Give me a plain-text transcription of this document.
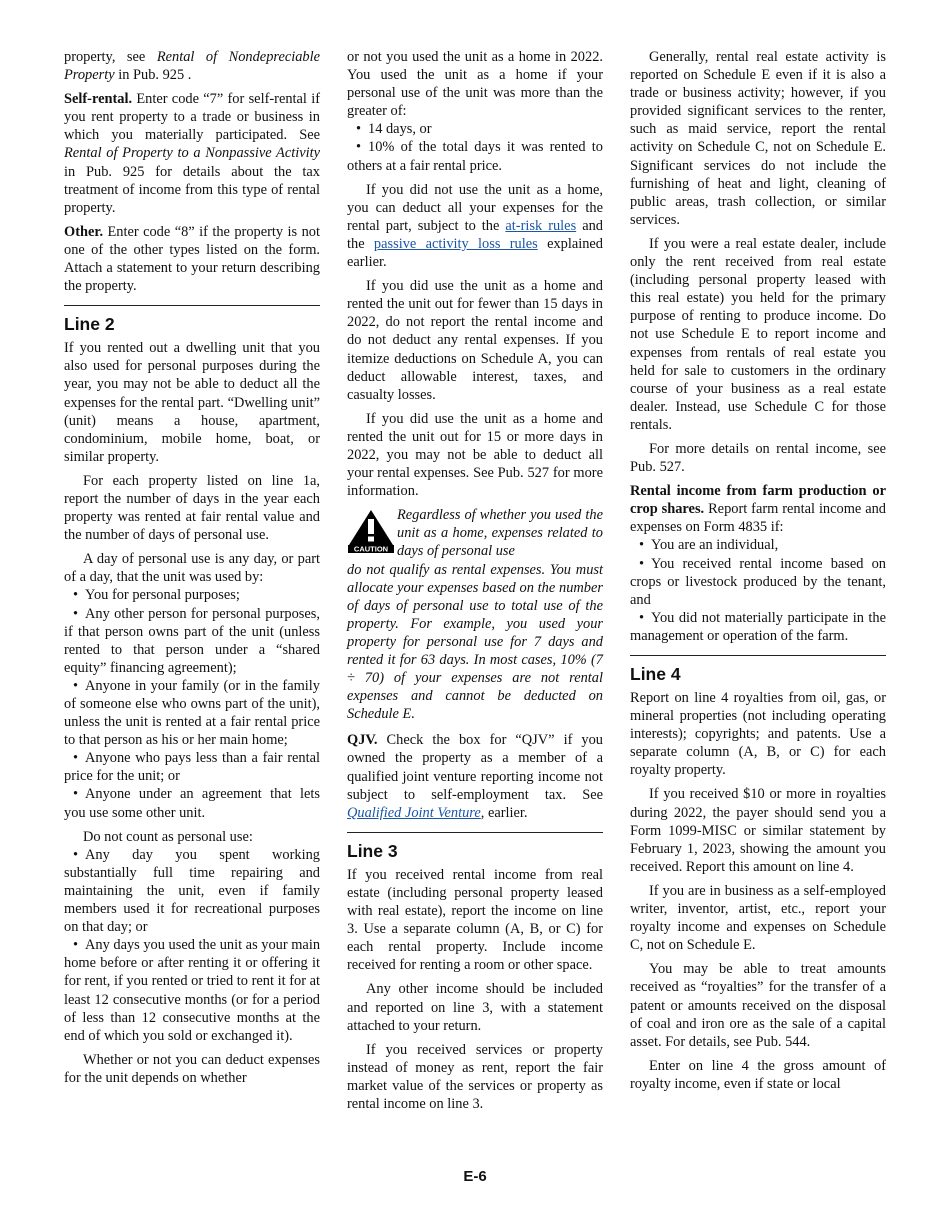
property, see Rental of Nondepreciable Property in Pub. 925 .

Self-rental. Enter code “7” for self-rental if you rent property to a trade or business in which you materially participated. See Rental of Property to a Nonpassive Activity in Pub. 925 for details about the tax treatment of income from this type of rental property.

Other. Enter code “8” if the property is not one of the other types listed on the form. Attach a statement to your return describing the property.

Line 2

If you rented out a dwelling unit that you also used for personal purposes during the year, you may not be able to deduct all the expenses for the rental part. “Dwelling unit” (unit) means a house, apartment, condominium, mobile home, boat, or similar property.

For each property listed on line 1a, report the number of days in the year each property was rented at fair rental value and the number of days of personal use.

A day of personal use is any day, or part of a day, that the unit was used by:

• You for personal purposes;
• Any other person for personal purposes, if that person owns part of the unit (unless rented to that person under a “shared equity” financing agreement);
• Anyone in your family (or in the family of someone else who owns part of the unit), unless the unit is rented at a fair rental price to that person as his or her main home;
• Anyone who pays less than a fair rental price for the unit; or
• Anyone under an agreement that lets you use some other unit.

Do not count as personal use:

• Any day you spent working substantially full time repairing and maintaining the unit, even if family members used it for recreational purposes on that day; or
• Any days you used the unit as your main home before or after renting it or offering it for rent, if you rented or tried to rent it for at least 12 consecutive months (or for a period of less than 12 consecutive months at the end of which you sold or exchanged it).

Whether or not you can deduct expenses for the unit depends on whether

or not you used the unit as a home in 2022. You used the unit as a home if your personal use of the unit was more than the greater of:

• 14 days, or
• 10% of the total days it was rented to others at a fair rental price.

If you did not use the unit as a home, you can deduct all your expenses for the rental part, subject to the at-risk rules and the passive activity loss rules explained earlier.

If you did use the unit as a home and rented the unit out for fewer than 15 days in 2022, do not report the rental income and do not deduct any rental expenses. If you itemize deductions on Schedule A, you can deduct allowable interest, taxes, and casualty losses.

If you did use the unit as a home and rented the unit out for 15 or more days in 2022, you may not be able to deduct all your rental expenses. See Pub. 527 for more information.

CAUTION
Regardless of whether you used the unit as a home, expenses related to days of personal use

do not qualify as rental expenses. You must allocate your expenses based on the number of days of personal use to total use of the property. For example, you used your property for personal use for 7 days and rented it for 63 days. In most cases, 10% (7 ÷ 70) of your expenses are not rental expenses and cannot be deducted on Schedule E.

QJV. Check the box for “QJV” if you owned the property as a member of a qualified joint venture reporting income not subject to self-employment tax. See Qualified Joint Venture, earlier.

Line 3

If you received rental income from real estate (including personal property leased with real estate), report the income on line 3. Use a separate column (A, B, or C) for each rental property. Include income received for renting a room or other space.

Any other income should be included and reported on line 3, with a statement attached to your return.

If you received services or property instead of money as rent, report the fair market value of the services or property as rental income on line 3.

Generally, rental real estate activity is reported on Schedule E even if it is also a trade or business activity; however, if you provided significant services to the renter, such as maid service, report the rental activity on Schedule C, not on Schedule E. Significant services do not include the furnishing of heat and light, cleaning of public areas, trash collection, or similar services.

If you were a real estate dealer, include only the rent received from real estate (including personal property leased with this real estate) you held for the primary purpose of renting to produce income. Do not use Schedule E to report income and expenses from rentals of real estate you held for sale to customers in the ordinary course of your business as a real estate dealer. Instead, use Schedule C for those rentals.

For more details on rental income, see Pub. 527.

Rental income from farm production or crop shares. Report farm rental income and expenses on Form 4835 if:

• You are an individual,
• You received rental income based on crops or livestock produced by the tenant, and
• You did not materially participate in the management or operation of the farm.
Line 4

Report on line 4 royalties from oil, gas, or mineral properties (not including operating interests); copyrights; and patents. Use a separate column (A, B, or C) for each royalty property.

If you received $10 or more in royalties during 2022, the payer should send you a Form 1099-MISC or similar statement by February 1, 2023, showing the amount you received. Report this amount on line 4.

If you are in business as a self-employed writer, inventor, artist, etc., report your royalty income and expenses on Schedule C, not on Schedule E.

You may be able to treat amounts received as “royalties” for the transfer of a patent or amounts received on the disposal of coal and iron ore as the sale of a capital asset. For details, see Pub. 544.

Enter on line 4 the gross amount of royalty income, even if state or local

E-6
